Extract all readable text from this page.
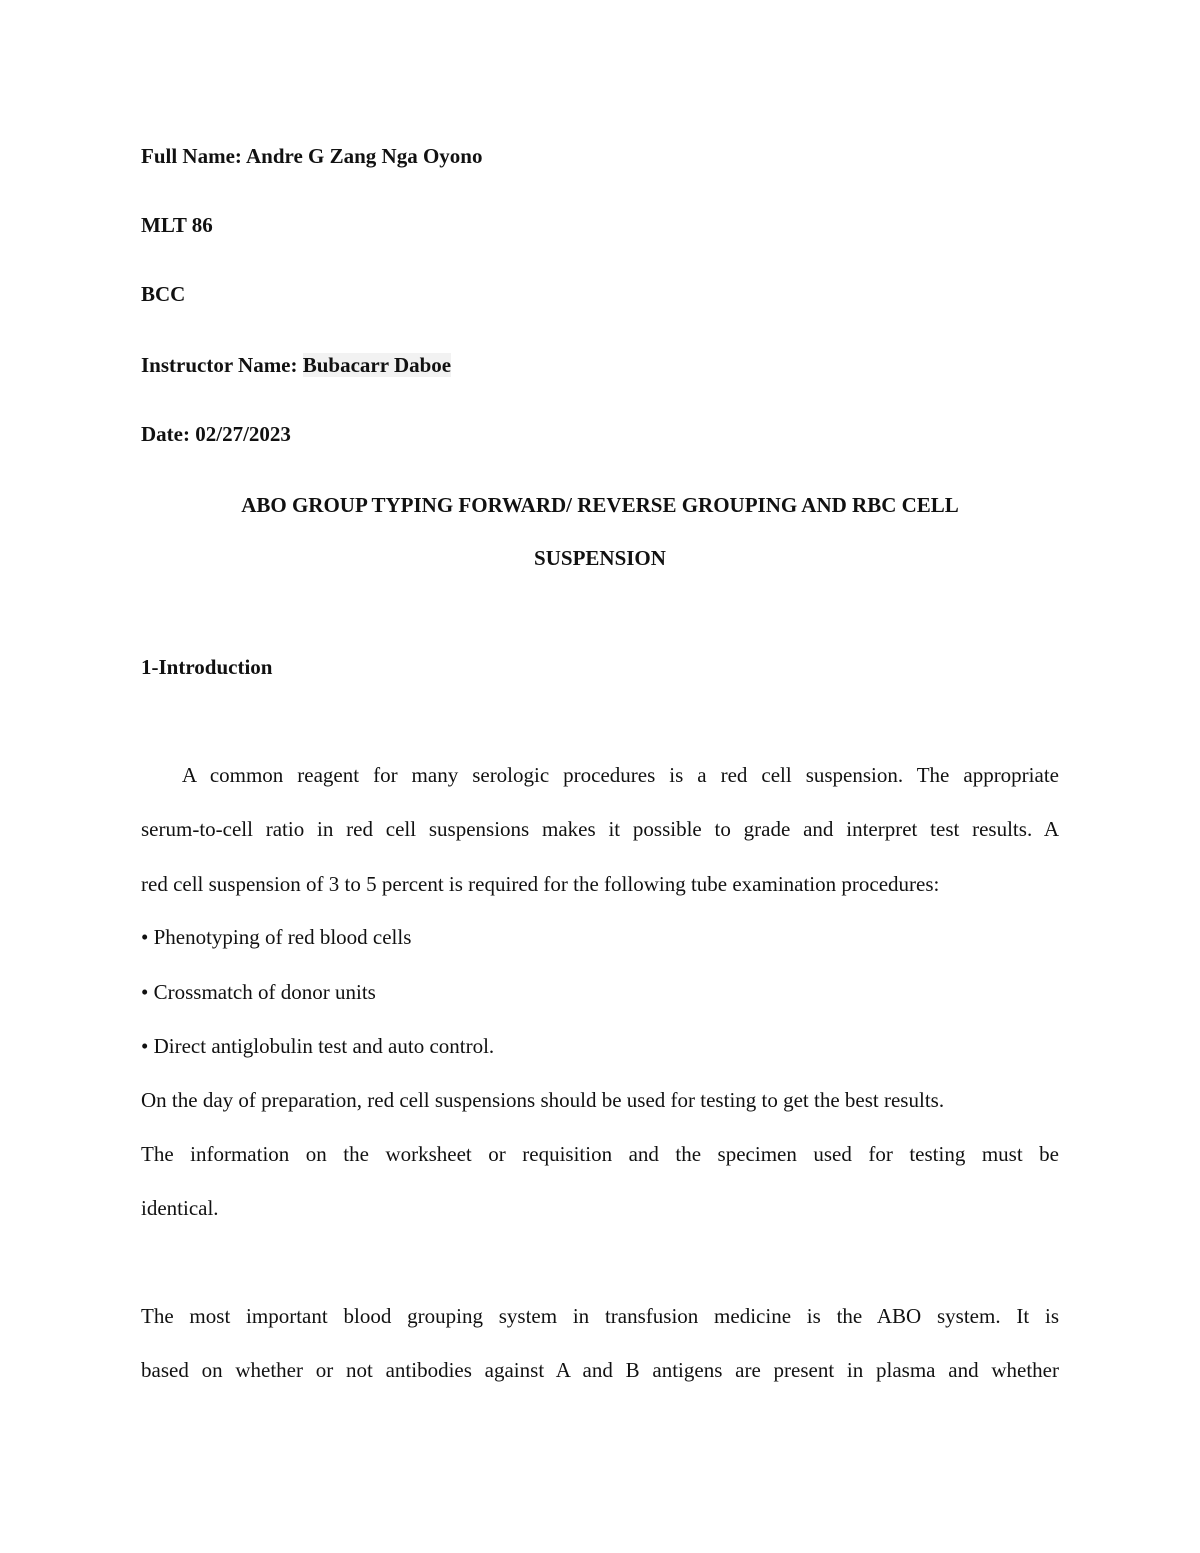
Full Name: Andre G Zang Nga Oyono
MLT 86
BCC
Instructor Name: Bubacarr Daboe
Date: 02/27/2023
ABO GROUP TYPING FORWARD/ REVERSE GROUPING AND RBC CELL
SUSPENSION
1-Introduction
A common reagent for many serologic procedures is a red cell suspension. The appropriate
serum-to-cell ratio in red cell suspensions makes it possible to grade and interpret test results. A
red cell suspension of 3 to 5 percent is required for the following tube examination procedures:
• Phenotyping of red blood cells
• Crossmatch of donor units
• Direct antiglobulin test and auto control.
On the day of preparation, red cell suspensions should be used for testing to get the best results.
The information on the worksheet or requisition and the specimen used for testing must be
identical.
The most important blood grouping system in transfusion medicine is the ABO system. It is
based on whether or not antibodies against A and B antigens are present in plasma and whether
